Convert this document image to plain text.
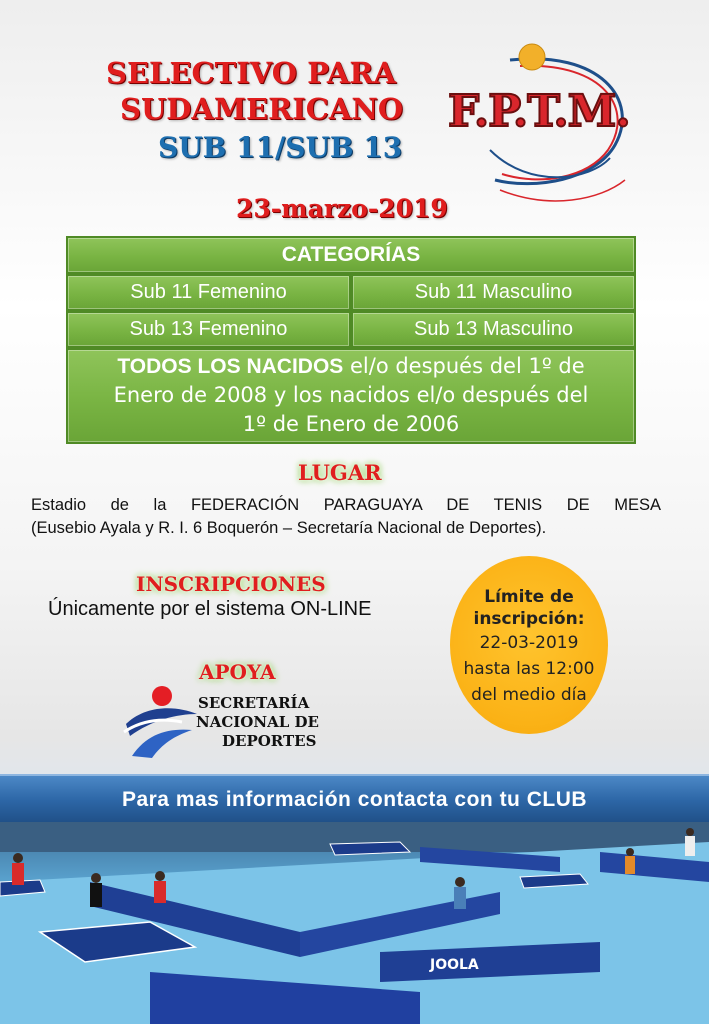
SELECTIVO PARA
SUDAMERICANO
SUB 11/SUB 13
F.P.T.M.
23-marzo-2019
CATEGORÍAS
Sub 11 Femenino	Sub 11 Masculino
Sub 13 Femenino	Sub 13 Masculino
TODOS LOS NACIDOS el/o después del 1º de
Enero de 2008 y los nacidos el/o después del
1º de Enero de 2006
LUGAR
Estadio de la FEDERACIÓN PARAGUAYA DE TENIS DE MESA
(Eusebio Ayala y R. I. 6 Boquerón – Secretaría Nacional de Deportes).
INSCRIPCIONES
Únicamente por el sistema ON-LINE
Límite de
inscripción:
22-03-2019
hasta las 12:00
del medio día
APOYA
SECRETARÍA
NACIONAL DE
DEPORTES
Para mas información contacta con tu CLUB
JOOLA
